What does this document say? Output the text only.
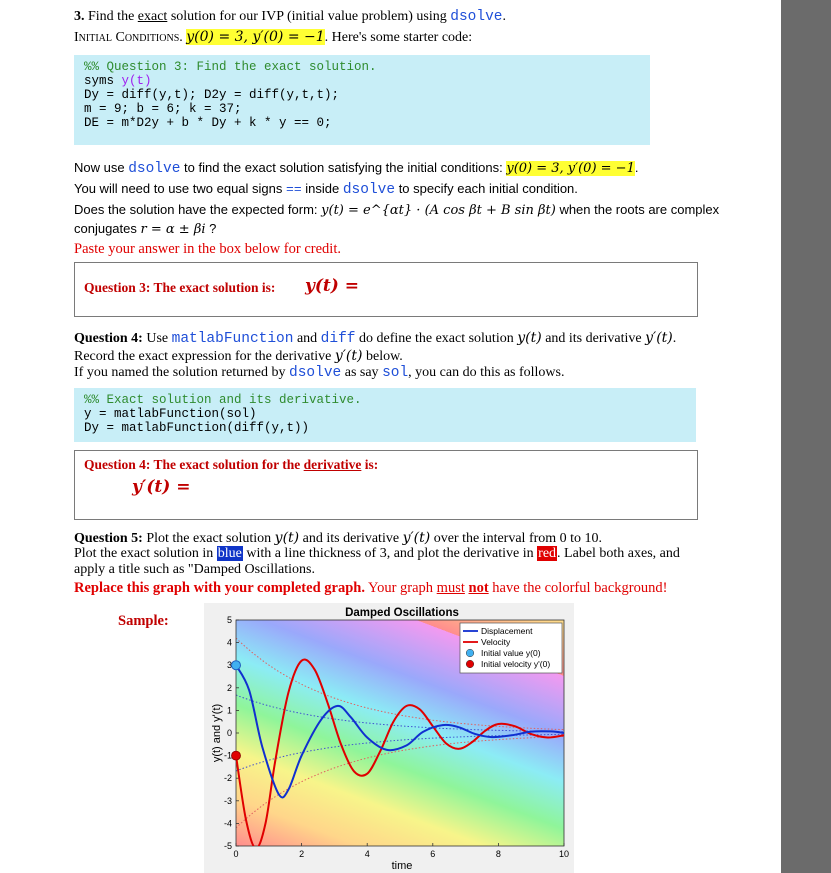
3. Find the exact solution for our IVP (initial value problem) using dsolve.
Initial Conditions. y(0) = 3, y′(0) = −1. Here's some starter code:
%% Question 3: Find the exact solution.
syms y(t)
Dy = diff(y,t); D2y = diff(y,t,t);
m = 9; b = 6; k = 37;
DE = m*D2y + b * Dy + k * y == 0;
Now use dsolve to find the exact solution satisfying the initial conditions: y(0) = 3, y′(0) = −1.
You will need to use two equal signs == inside dsolve to specify each initial condition.
Does the solution have the expected form: y(t) = e^{αt} · (A cos βt + B sin βt) when the roots are complex
conjugates r = α ± βi ?
Paste your answer in the box below for credit.
Question 3: The exact solution is: y(t) =
Question 4: Use matlabFunction and diff do define the exact solution y(t) and its derivative y′(t).
Record the exact expression for the derivative y′(t) below.
If you named the solution returned by dsolve as say sol, you can do this as follows.
%% Exact solution and its derivative.
y = matlabFunction(sol)
Dy = matlabFunction(diff(y,t))
Question 4: The exact solution for the derivative is:
y′(t) =
Question 5: Plot the exact solution y(t) and its derivative y′(t) over the interval from 0 to 10.
Plot the exact solution in blue with a line thickness of 3, and plot the derivative in red. Label both axes, and
apply a title such as "Damped Oscillations.
Replace this graph with your completed graph. Your graph must not have the colorful background!
Sample:	Damped Oscillations
0	2	4	6	8	10
5
4
3
2
1
0
-1
-2
-3
-4
-5
Displacement
Velocity
Initial value y(0)
Initial velocity y'(0)
time
y(t) and y'(t)
